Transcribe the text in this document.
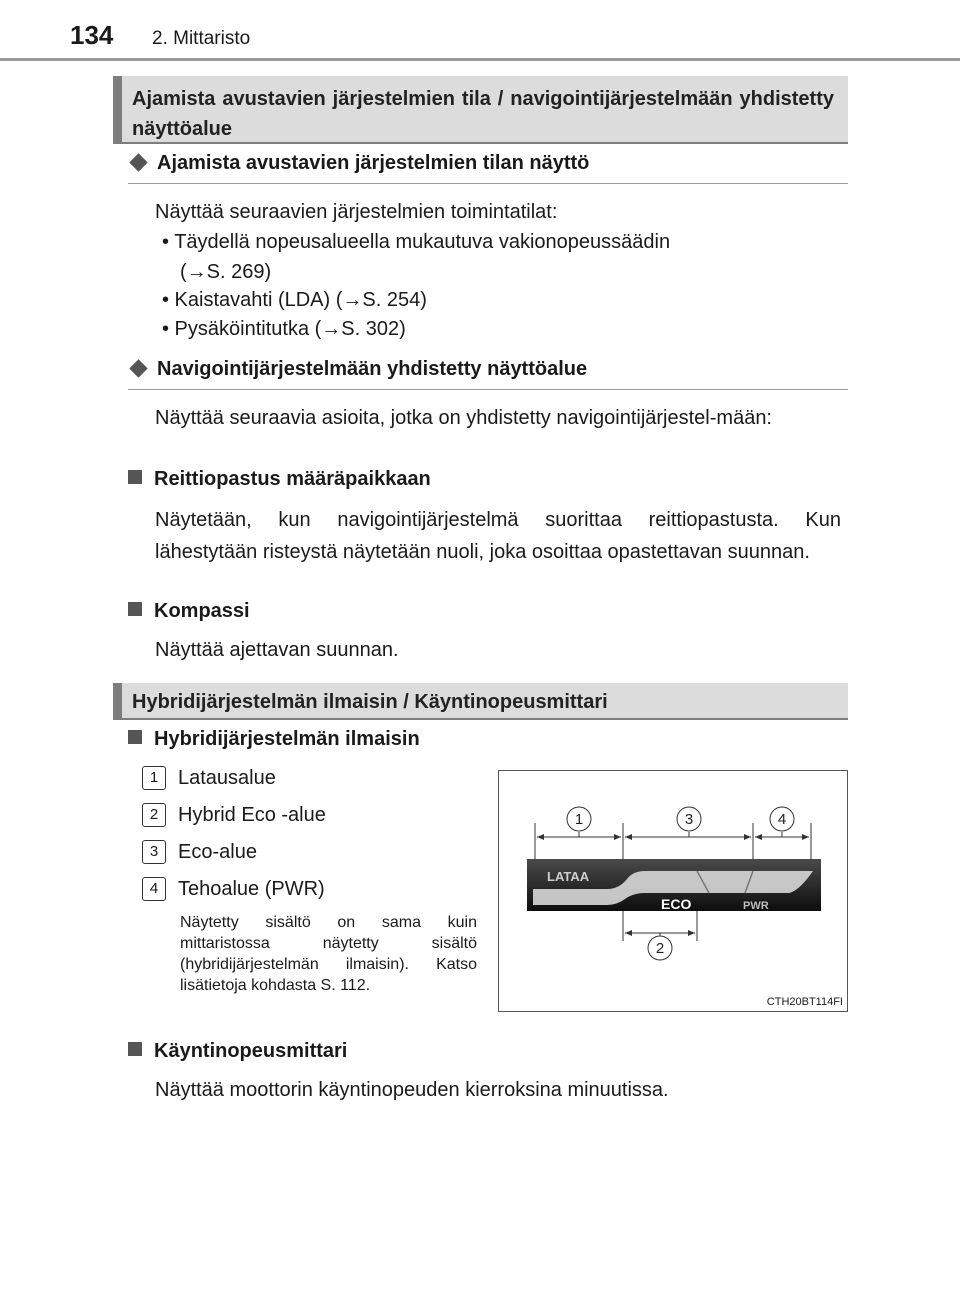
134 2. Mittaristo
Ajamista avustavien järjestelmien tila / navigointijärjestelmään yhdistetty näyttöalue
Ajamista avustavien järjestelmien tilan näyttö
Näyttää seuraavien järjestelmien toimintatilat:
• Täydellä nopeusalueella mukautuva vakionopeussäädin
(→S. 269)
• Kaistavahti (LDA) (→S. 254)
• Pysäköintitutka (→S. 302)
Navigointijärjestelmään yhdistetty näyttöalue
Näyttää seuraavia asioita, jotka on yhdistetty navigointijärjestel-mään:
Reittiopastus määräpaikkaan
Näytetään, kun navigointijärjestelmä suorittaa reittiopastusta. Kun lähestytään risteystä näytetään nuoli, joka osoittaa opastettavan suunnan.
Kompassi
Näyttää ajettavan suunnan.
Hybridijärjestelmän ilmaisin / Käyntinopeusmittari
Hybridijärjestelmän ilmaisin
1 Latausalue
2 Hybrid Eco -alue
3 Eco-alue
4 Tehoalue (PWR)
Näytetty sisältö on sama kuin mittaristossa näytetty sisältö (hybridijärjestelmän ilmaisin). Katso lisätietoja kohdasta S. 112.
LATAA
ECO	PWR
1	3	4
2
CTH20BT114FI
Käyntinopeusmittari
Näyttää moottorin käyntinopeuden kierroksina minuutissa.
